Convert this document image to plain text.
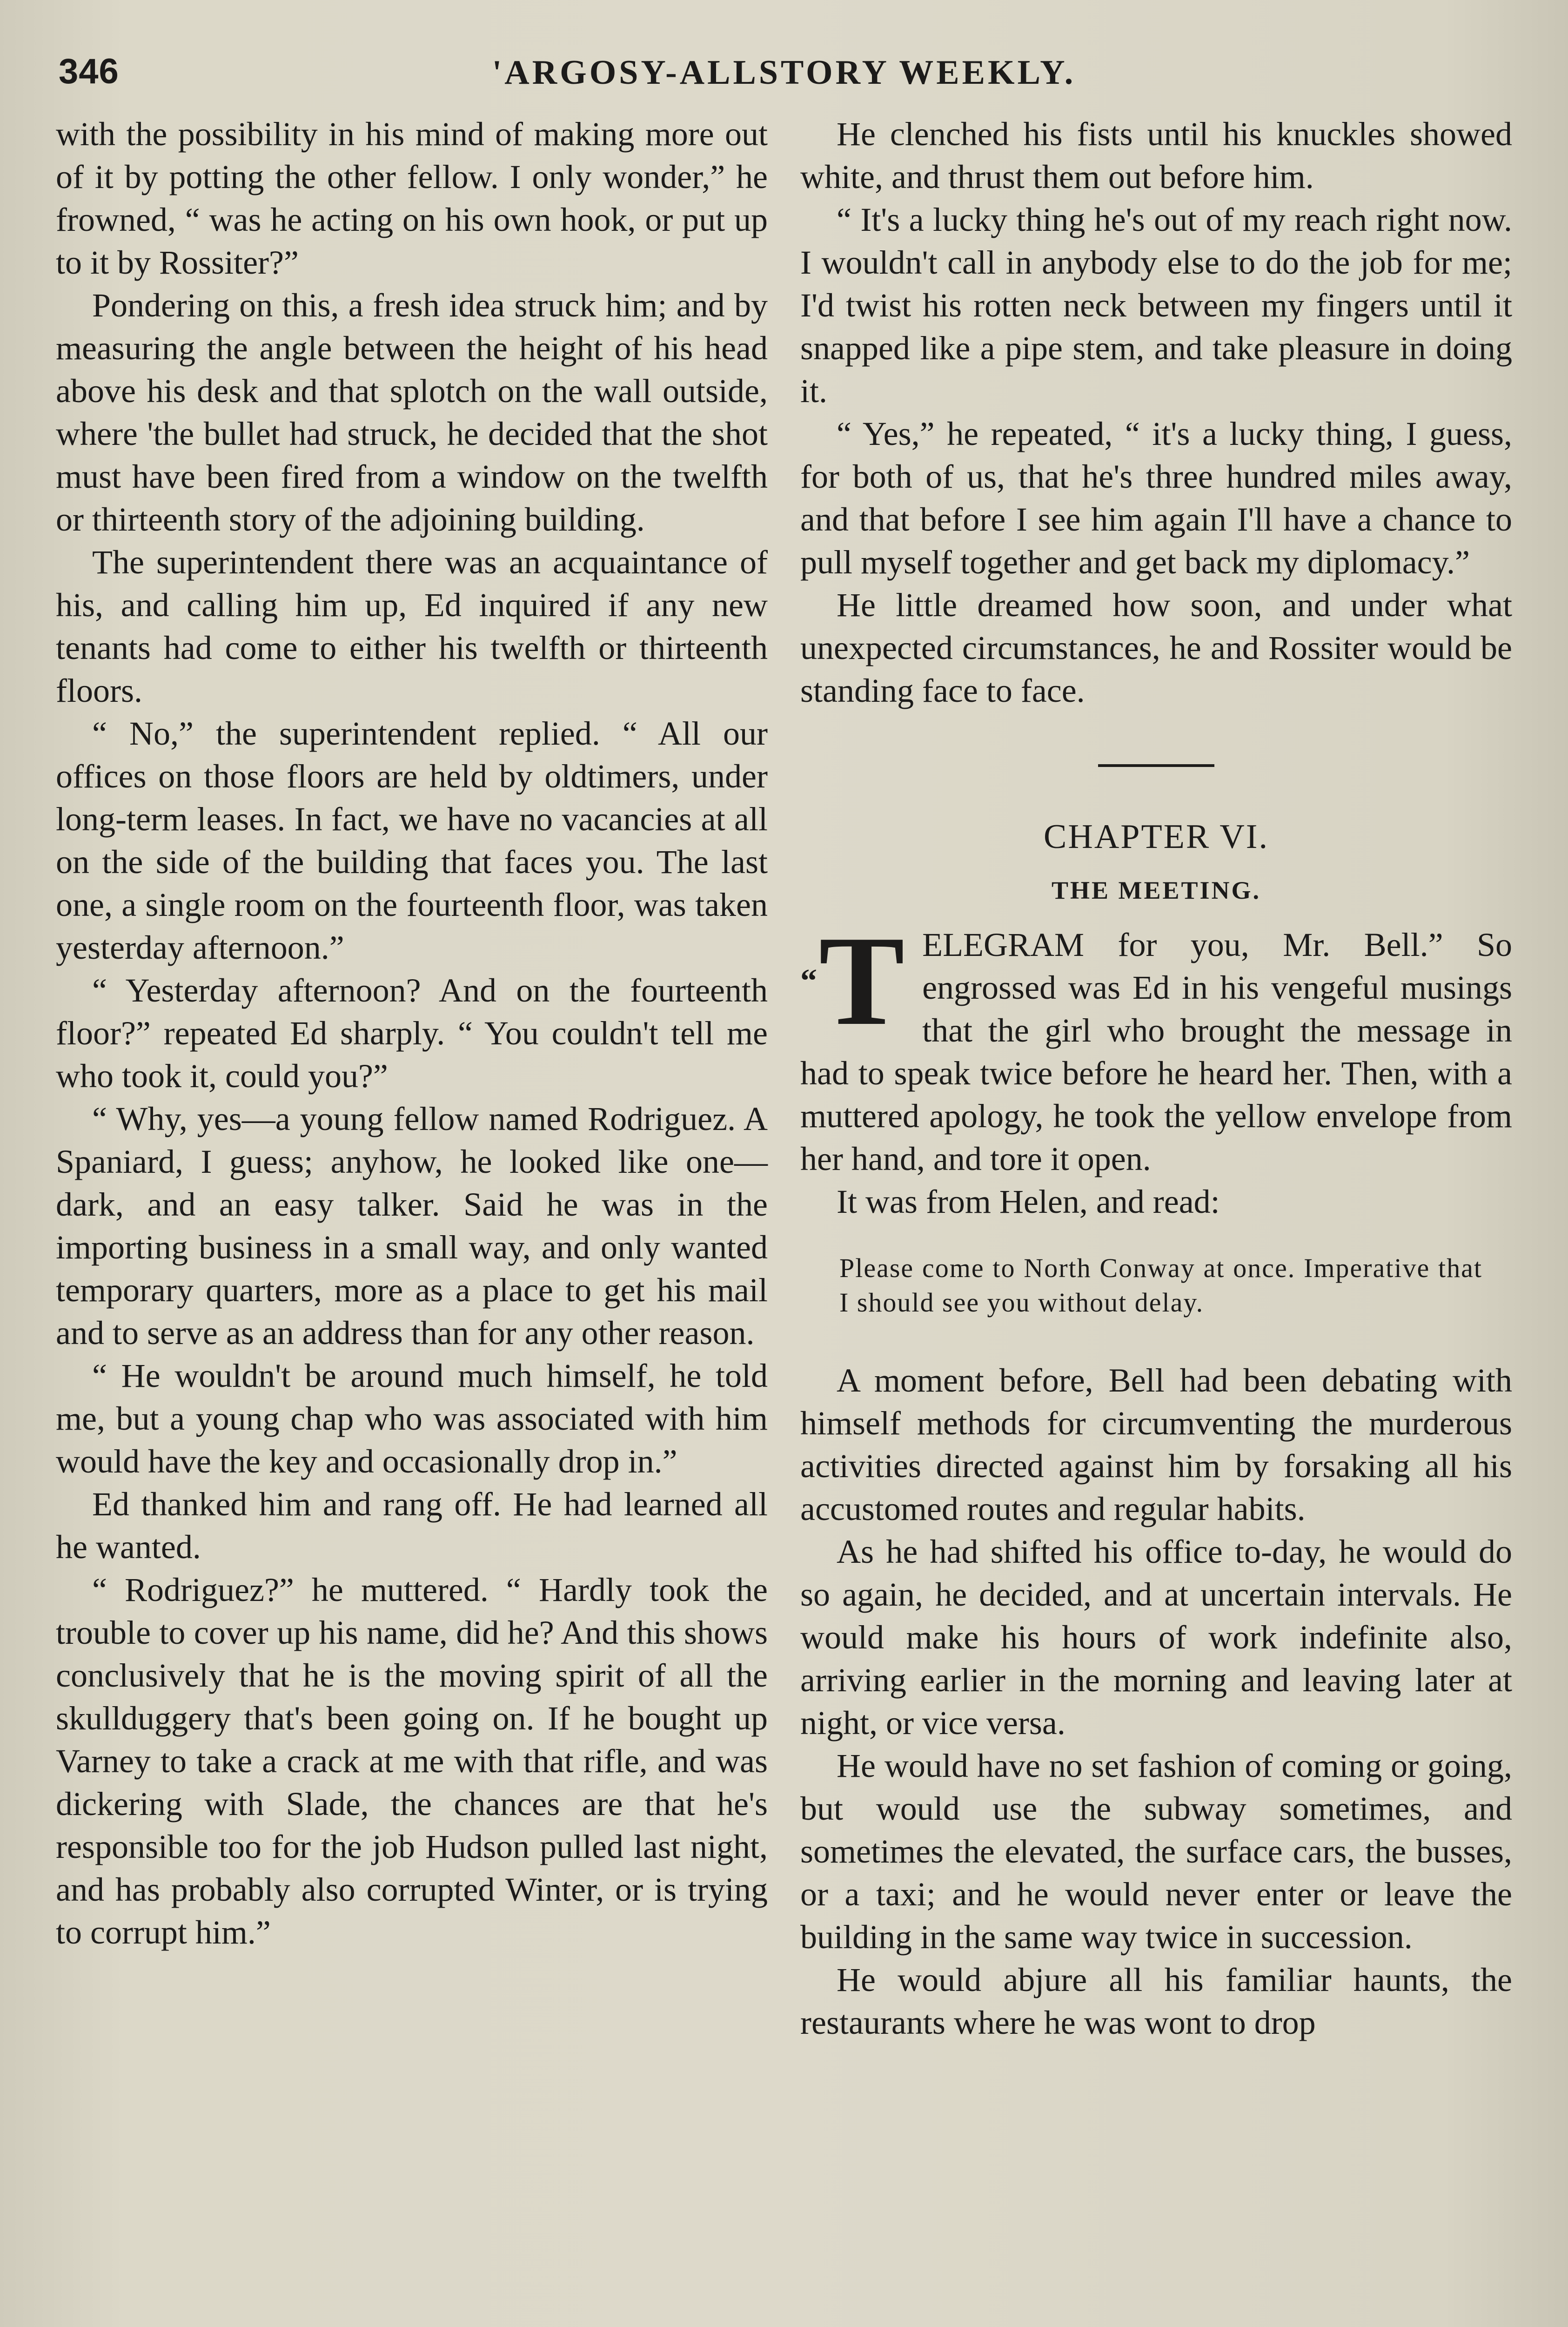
346	'ARGOSY-ALLSTORY WEEKLY.

with the possibility in his mind of making more out of it by potting the other fellow. I only wonder,” he frowned, “ was he acting on his own hook, or put up to it by Rossiter?”

Pondering on this, a fresh idea struck him; and by measuring the angle between the height of his head above his desk and that splotch on the wall outside, where 'the bullet had struck, he decided that the shot must have been fired from a window on the twelfth or thirteenth story of the adjoining building.

The superintendent there was an acquaintance of his, and calling him up, Ed inquired if any new tenants had come to either his twelfth or thirteenth floors.

“ No,” the superintendent replied. “ All our offices on those floors are held by oldtimers, under long-term leases. In fact, we have no vacancies at all on the side of the building that faces you. The last one, a single room on the fourteenth floor, was taken yesterday afternoon.”

“ Yesterday afternoon? And on the fourteenth floor?” repeated Ed sharply. “ You couldn't tell me who took it, could you?”

“ Why, yes—a young fellow named Rodriguez. A Spaniard, I guess; anyhow, he looked like one—dark, and an easy talker. Said he was in the importing business in a small way, and only wanted temporary quarters, more as a place to get his mail and to serve as an address than for any other reason.

“ He wouldn't be around much himself, he told me, but a young chap who was associated with him would have the key and occasionally drop in.”

Ed thanked him and rang off. He had learned all he wanted.

“ Rodriguez?” he muttered. “ Hardly took the trouble to cover up his name, did he? And this shows conclusively that he is the moving spirit of all the skullduggery that's been going on. If he bought up Varney to take a crack at me with that rifle, and was dickering with Slade, the chances are that he's responsible too for the job Hudson pulled last night, and has probably also corrupted Winter, or is trying to corrupt him.”

He clenched his fists until his knuckles showed white, and thrust them out before him.

“ It's a lucky thing he's out of my reach right now. I wouldn't call in anybody else to do the job for me; I'd twist his rotten neck between my fingers until it snapped like a pipe stem, and take pleasure in doing it.

“ Yes,” he repeated, “ it's a lucky thing, I guess, for both of us, that he's three hundred miles away, and that before I see him again I'll have a chance to pull myself together and get back my diplomacy.”

He little dreamed how soon, and under what unexpected circumstances, he and Rossiter would be standing face to face.

CHAPTER VI.
THE MEETING.

“T ELEGRAM for you, Mr. Bell.” So engrossed was Ed in his vengeful musings that the girl who brought the message in had to speak twice before he heard her. Then, with a muttered apology, he took the yellow envelope from her hand, and tore it open.

It was from Helen, and read:

Please come to North Conway at once. Imperative that I should see you without delay.

A moment before, Bell had been debating with himself methods for circumventing the murderous activities directed against him by forsaking all his accustomed routes and regular habits.

As he had shifted his office to-day, he would do so again, he decided, and at uncertain intervals. He would make his hours of work indefinite also, arriving earlier in the morning and leaving later at night, or vice versa.

He would have no set fashion of coming or going, but would use the subway sometimes, and sometimes the elevated, the surface cars, the busses, or a taxi; and he would never enter or leave the building in the same way twice in succession.

He would abjure all his familiar haunts, the restaurants where he was wont to drop
